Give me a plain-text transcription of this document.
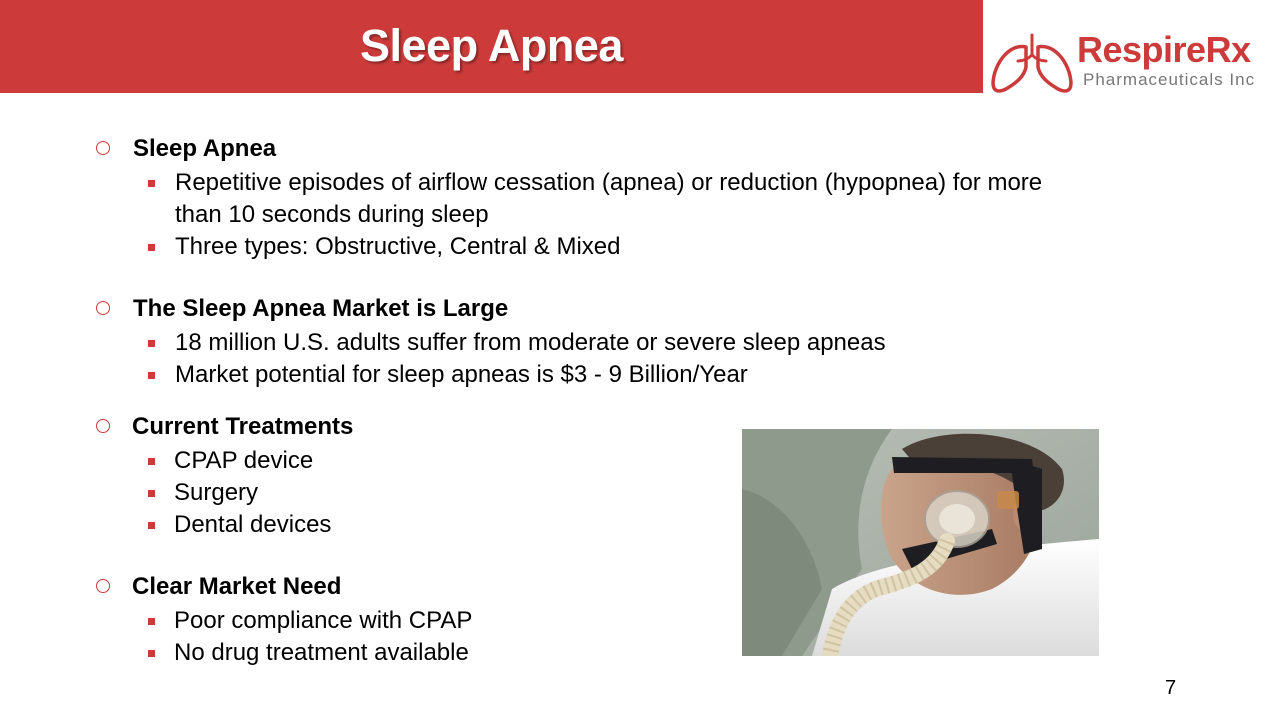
Sleep Apnea	RespireRx
Pharmaceuticals Inc
Sleep Apnea
Repetitive episodes of airflow cessation (apnea) or reduction (hypopnea) for more than 10 seconds during sleep
Three types: Obstructive, Central & Mixed
The Sleep Apnea Market is Large
18 million U.S. adults suffer from moderate or severe sleep apneas
Market potential for sleep apneas is $3 - 9 Billion/Year
Current Treatments
CPAP device
Surgery
Dental devices
Clear Market Need
Poor compliance with CPAP
No drug treatment available
7
